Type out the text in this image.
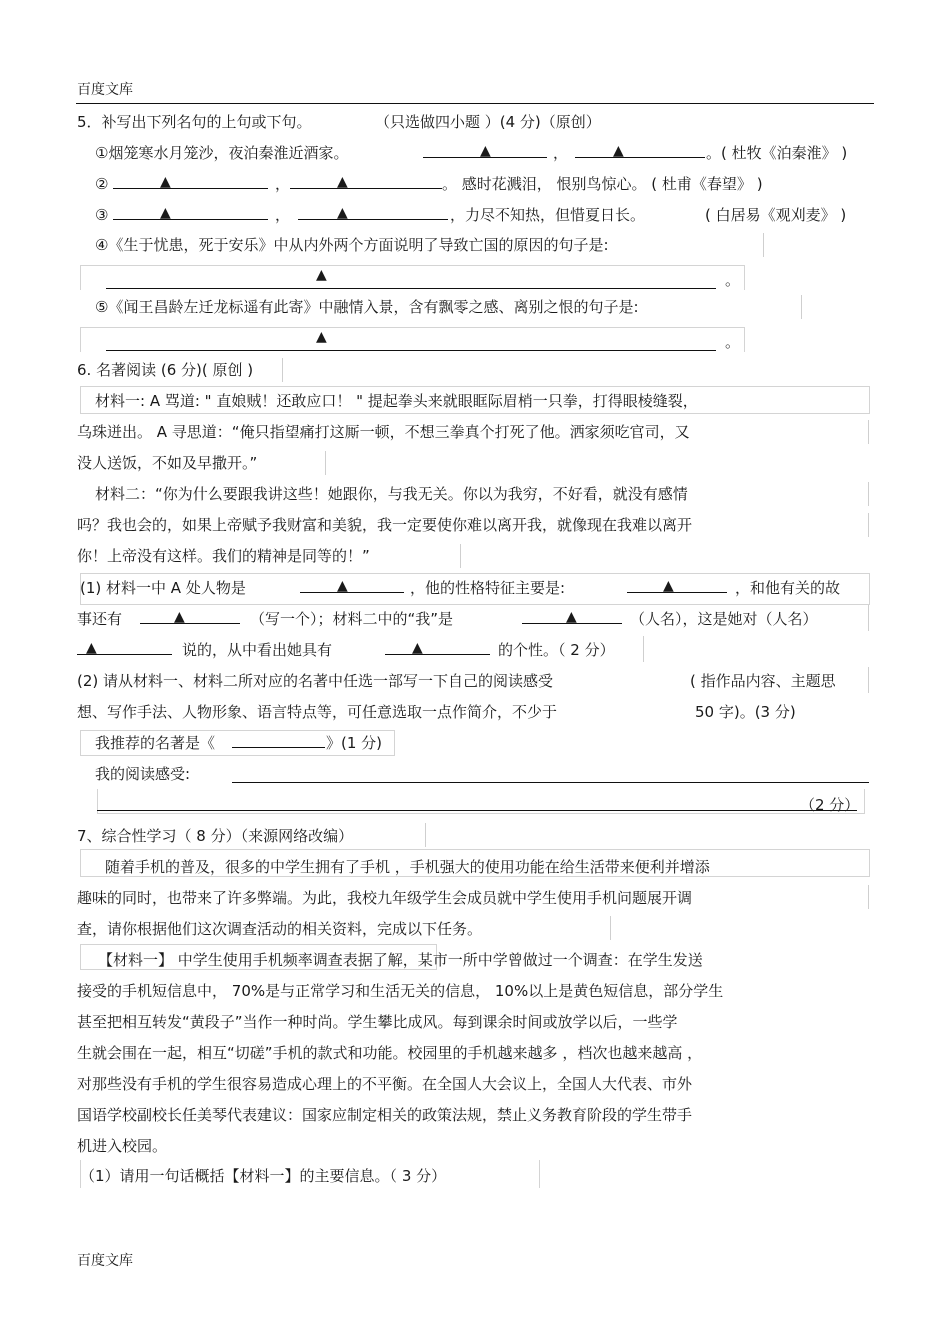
百度文库
5．补写出下列名句的上句或下句。	（只选做四小题 ）(4 分)（原创）
①烟笼寒水月笼沙，夜泊秦淮近酒家。	▲	，	▲	。( 杜牧《泊秦淮》 )
②	▲	，	▲	。 感时花溅泪， 恨别鸟惊心。 ( 杜甫《春望》 )
③	▲	，	▲	，力尽不知热，但惜夏日长。	( 白居易《观刈麦》 )
④《生于忧患，死于安乐》中从内外两个方面说明了导致亡国的原因的句子是:
▲	。
⑤《闻王昌龄左迁龙标遥有此寄》中融情入景，含有飘零之感、离别之恨的句子是:
▲	。
6. 名著阅读 (6 分)( 原创 )
材料一: A 骂道: " 直娘贼！还敢应口！ " 提起拳头来就眼眶际眉梢一只拳，打得眼棱缝裂，
乌珠迸出。 A 寻思道：“俺只指望痛打这厮一顿，不想三拳真个打死了他。洒家须吃官司，又
没人送饭，不如及早撒开。”
材料二：“你为什么要跟我讲这些！她跟你，与我无关。你以为我穷，不好看，就没有感情
吗？我也会的，如果上帝赋予我财富和美貌，我一定要使你难以离开我，就像现在我难以离开
你！上帝没有这样。我们的精神是同等的！”
(1) 材料一中 A 处人物是	▲	，他的性格特征主要是:	▲	，和他有关的故
事还有	▲	（写一个）；材料二中的“我”是	▲	（人名），这是她对（人名）
▲	说的，从中看出她具有	▲	的个性。（ 2 分）
(2) 请从材料一、材料二所对应的名著中任选一部写一下自己的阅读感受	( 指作品内容、主题思
想、写作手法、人物形象、语言特点等，可任意选取一点作简介，不少于	50 字)。(3 分)
我推荐的名著是《	》(1 分)
我的阅读感受:
（2 分）
7、综合性学习（ 8 分）（来源网络改编）
随着手机的普及，很多的中学生拥有了手机 ，手机强大的使用功能在给生活带来便利并增添
趣味的同时，也带来了许多弊端。为此，我校九年级学生会成员就中学生使用手机问题展开调
查，请你根据他们这次调查活动的相关资料，完成以下任务。
【材料一】 中学生使用手机频率调查表据了解，某市一所中学曾做过一个调查：在学生发送
接受的手机短信息中， 70%是与正常学习和生活无关的信息， 10%以上是黄色短信息，部分学生
甚至把相互转发“黄段子”当作一种时尚。学生攀比成风。每到课余时间或放学以后，一些学
生就会围在一起，相互“切磋”手机的款式和功能。校园里的手机越来越多 ，档次也越来越高 ，
对那些没有手机的学生很容易造成心理上的不平衡。在全国人大会议上，全国人大代表、市外
国语学校副校长任美琴代表建议：国家应制定相关的政策法规，禁止义务教育阶段的学生带手
机进入校园。
（1）请用一句话概括【材料一】的主要信息。（ 3 分）
百度文库
